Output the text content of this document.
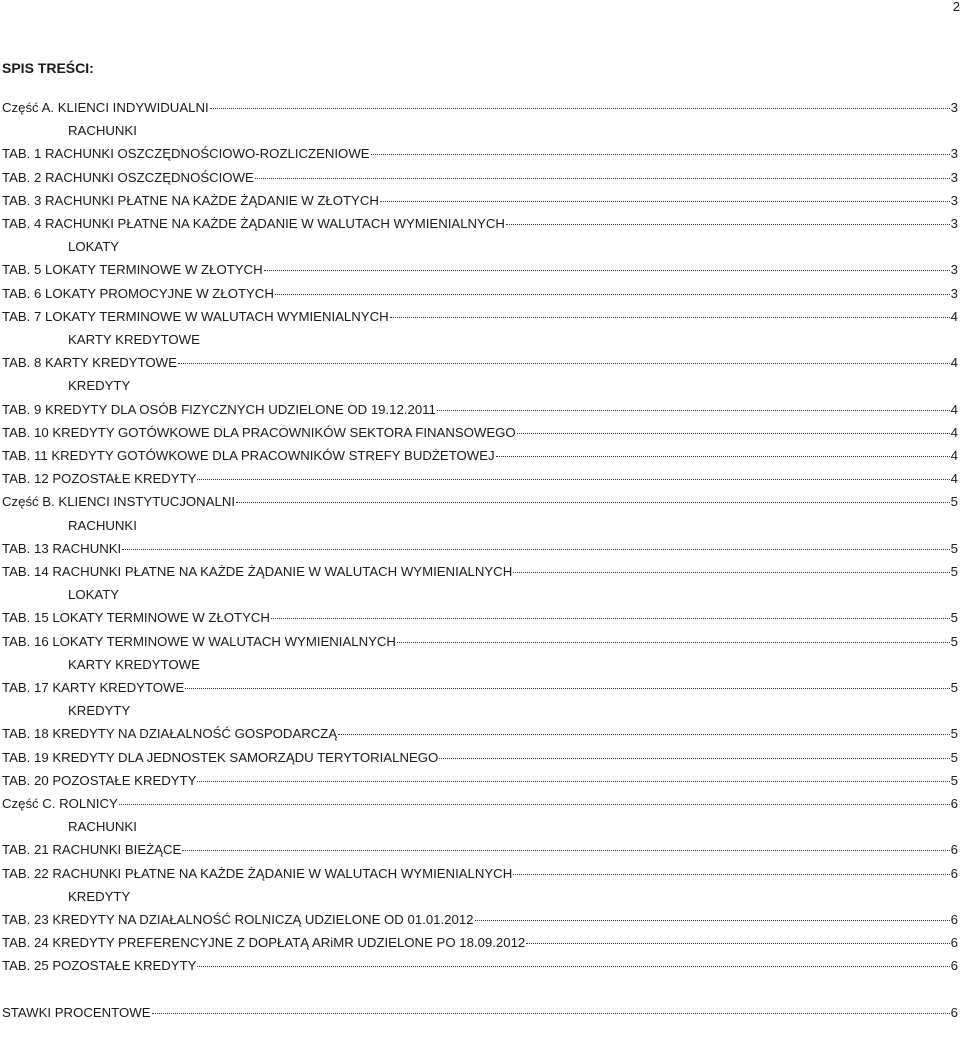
2
SPIS TREŚCI:
Część A. KLIENCI INDYWIDUALNI	3
RACHUNKI
TAB. 1 RACHUNKI OSZCZĘDNOŚCIOWO-ROZLICZENIOWE	3
TAB. 2 RACHUNKI OSZCZĘDNOŚCIOWE	3
TAB. 3 RACHUNKI PŁATNE NA KAŻDE ŻĄDANIE W ZŁOTYCH	3
TAB. 4 RACHUNKI PŁATNE NA KAŻDE ŻĄDANIE W WALUTACH WYMIENIALNYCH	3
LOKATY
TAB. 5 LOKATY TERMINOWE W ZŁOTYCH	3
TAB. 6 LOKATY PROMOCYJNE W ZŁOTYCH	3
TAB. 7 LOKATY TERMINOWE W WALUTACH WYMIENIALNYCH	4
KARTY KREDYTOWE
TAB. 8 KARTY KREDYTOWE	4
KREDYTY
TAB. 9 KREDYTY DLA OSÓB FIZYCZNYCH UDZIELONE OD 19.12.2011	4
TAB. 10 KREDYTY GOTÓWKOWE DLA PRACOWNIKÓW SEKTORA FINANSOWEGO	4
TAB. 11 KREDYTY GOTÓWKOWE DLA PRACOWNIKÓW STREFY BUDŻETOWEJ	4
TAB. 12 POZOSTAŁE KREDYTY	4
Część B. KLIENCI INSTYTUCJONALNI	5
RACHUNKI
TAB. 13 RACHUNKI	5
TAB. 14 RACHUNKI PŁATNE NA KAŻDE ŻĄDANIE W WALUTACH WYMIENIALNYCH	5
LOKATY
TAB. 15 LOKATY TERMINOWE W ZŁOTYCH	5
TAB. 16 LOKATY TERMINOWE W WALUTACH WYMIENIALNYCH	5
KARTY KREDYTOWE
TAB. 17 KARTY KREDYTOWE	5
KREDYTY
TAB. 18 KREDYTY NA DZIAŁALNOŚĆ GOSPODARCZĄ	5
TAB. 19 KREDYTY DLA JEDNOSTEK SAMORZĄDU TERYTORIALNEGO	5
TAB. 20 POZOSTAŁE KREDYTY	5
Część C. ROLNICY	6
RACHUNKI
TAB. 21 RACHUNKI BIEŻĄCE	6
TAB. 22 RACHUNKI PŁATNE NA KAŻDE ŻĄDANIE W WALUTACH WYMIENIALNYCH	6
KREDYTY
TAB. 23 KREDYTY NA DZIAŁALNOŚĆ ROLNICZĄ UDZIELONE OD 01.01.2012	6
TAB. 24 KREDYTY PREFERENCYJNE Z DOPŁATĄ ARiMR UDZIELONE PO 18.09.2012	6
TAB. 25 POZOSTAŁE KREDYTY	6
STAWKI PROCENTOWE	6
